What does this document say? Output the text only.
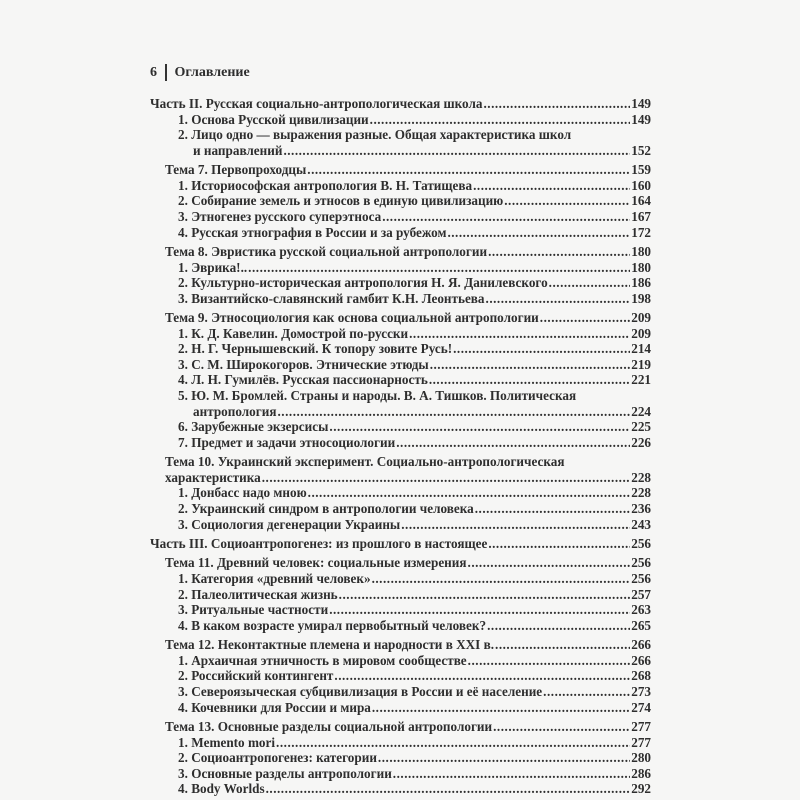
6 Оглавление
Часть II. Русская социально-антропологическая школа .....	149
1. Основа Русской цивилизации .....	149
2. Лицо одно — выражения разные. Общая характеристика школ
и направлений .....	152
Тема 7. Первопроходцы .....	159
1. Историософская антропология В. Н. Татищева .....	160
2. Собирание земель и этносов в единую цивилизацию .....	164
3. Этногенез русского суперэтноса .....	167
4. Русская этнография в России и за рубежом .....	172
Тема 8. Эвристика русской социальной антропологии .....	180
1. Эврика!.. .....	180
2. Культурно-историческая антропология Н. Я. Данилевского .....	186
3. Византийско-славянский гамбит К.Н. Леонтьева .....	198
Тема 9. Этносоциология как основа социальной антропологии .....	209
1. К. Д. Кавелин. Домострой по-русски .....	209
2. Н. Г. Чернышевский. К топору зовите Русь! .....	214
3. С. М. Широкогоров. Этнические этюды .....	219
4. Л. Н. Гумилёв. Русская пассионарность .....	221
5. Ю. М. Бромлей. Страны и народы. В. А. Тишков. Политическая
антропология .....	224
6. Зарубежные экзерсисы .....	225
7. Предмет и задачи этносоциологии .....	226
Тема 10. Украинский эксперимент. Социально-антропологическая
характеристика .....	228
1. Донбасс надо мною .....	228
2. Украинский синдром в антропологии человека .....	236
3. Социология дегенерации Украины .....	243
Часть III. Социоантропогенез: из прошлого в настоящее .....	256
Тема 11. Древний человек: социальные измерения .....	256
1. Категория «древний человек» .....	256
2. Палеолитическая жизнь .....	257
3. Ритуальные частности .....	263
4. В каком возрасте умирал первобытный человек? .....	265
Тема 12. Неконтактные племена и народности в XXI в. .....	266
1. Архаичная этничность в мировом сообществе .....	266
2. Российский контингент .....	268
3. Североязыческая субцивилизация в России и её население .....	273
4. Кочевники для России и мира .....	274
Тема 13. Основные разделы социальной антропологии .....	277
1. Memento mori .....	277
2. Социоантропогенез: категории .....	280
3. Основные разделы антропологии .....	286
4. Body Worlds .....	292
